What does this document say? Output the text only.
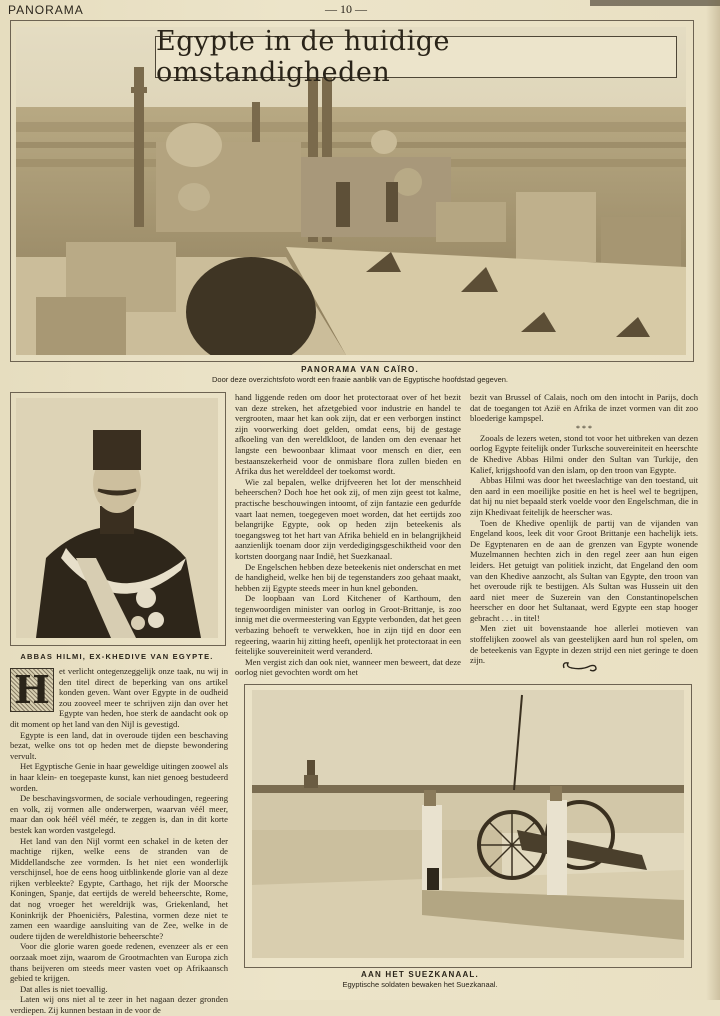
PANORAMA	— 10 —
Egypte in de huidige omstandigheden
PANORAMA VAN CAÏRO.
Door deze overzichtsfoto wordt een fraaie aanblik van de Egyptische hoofdstad gegeven.
ABBAS HILMI, EX-KHEDIVE VAN EGYPTE.

H	et verlicht ontegenzeggelijk onze taak, nu wij in den titel direct de beperking van ons artikel konden geven. Want over Egypte in de oudheid zou zooveel meer te schrijven zijn dan over het Egypte van heden, hoe sterk de aandacht ook op dit moment op het land van den Nijl is gevestigd.

Egypte is een land, dat in overoude tijden een beschaving bezat, welke ons tot op heden met de diepste bewondering vervult.

Het Egyptische Genie in haar geweldige uitingen zoowel als in haar klein- en toegepaste kunst, kan niet genoeg bestudeerd worden.

De beschavingsvormen, de sociale verhoudingen, regeering en volk, zij vormen alle onderwerpen, waarvan véél meer, maar dan ook héél véél méér, te zeggen is, dan in dit korte bestek kan worden vastgelegd.

Het land van den Nijl vormt een schakel in de keten der machtige rijken, welke eens de stranden van de Middellandsche zee vormden. Is het niet een wonderlijk verschijnsel, hoe de eens hoog uitblinkende glorie van al deze rijken verbleekte? Egypte, Carthago, het rijk der Moorsche Koningen, Spanje, dat eertijds de wereld beheerschte, Rome, dat nog vroeger het wereldrijk was, Griekenland, het Koninkrijk der Phoeniciërs, Palestina, vormen deze niet te zamen een waardige aansluiting van de Zee, welke in de oudere tijden de wereldhistorie beheerschte?

Voor die glorie waren goede redenen, evenzeer als er een oorzaak moet zijn, waarom de Grootmachten van Europa zich thans beijveren om steeds meer vasten voet op Afrikaansch gebied te krijgen.

Dat alles is niet toevallig.

Laten wij ons niet al te zeer in het nagaan dezer gronden verdiepen. Zij kunnen bestaan in de voor de

hand liggende reden om door het protectoraat over of het bezit van deze streken, het afzetgebied voor industrie en handel te vergrooten, maar het kan ook zijn, dat er een verborgen instinct zijn voorwerking doet gelden, omdat eens, bij de gestage afkoeling van den wereldkloot, de landen om den evenaar het langste een bewoonbaar klimaat voor mensch en dier, een bestaanszekerheid voor de onmisbare flora zullen bieden en Afrika dus het werelddeel der toekomst wordt.

Wie zal bepalen, welke drijfveeren het lot der menschheid beheerschen? Doch hoe het ook zij, of men zijn geest tot kalme, practische beschouwingen intoomt, of zijn fantazie een gedurfde vaart laat nemen, toegegeven moet worden, dat het eertijds zoo belangrijke Egypte, ook op heden zijn beteekenis als toegangsweg tot het hart van Afrika behield en in belangrijkheid aanzienlijk toenam door zijn verdedigingsgeschiktheid voor den kortsten doorgang naar Indië, het Suezkanaal.

De Engelschen hebben deze beteekenis niet onderschat en met de handigheid, welke hen bij de tegenstanders zoo gehaat maakt, hebben zij Egypte steeds meer in hun knel gebonden.

De loopbaan van Lord Kitchener of Karthoum, den tegenwoordigen minister van oorlog in Groot-Brittanje, is zoo innig met die overmeestering van Egypte verbonden, dat het geen verbazing behoeft te verwekken, hoe in zijn tijd en door een regeering, waarin hij zitting heeft, openlijk het protectoraat in een feitelijke souvereiniteit werd veranderd.

Men vergist zich dan ook niet, wanneer men beweert, dat deze oorlog niet gevochten wordt om het

bezit van Brussel of Calais, noch om den intocht in Parijs, doch dat de toegangen tot Azië en Afrika de inzet vormen van dit zoo bloederige kampspel.

* * *

Zooals de lezers weten, stond tot voor het uitbreken van dezen oorlog Egypte feitelijk onder Turksche souvereiniteit en heerschte de Khedive Abbas Hilmi onder den Sultan van Turkije, den Kalief, krijgshoofd van den islam, op den troon van Egypte.

Abbas Hilmi was door het tweeslachtige van den toestand, uit den aard in een moeilijke positie en het is heel wel te begrijpen, dat hij nu niet bepaald sterk voelde voor den Engelschman, die in zijn Khedivaat feitelijk de heerscher was.

Toen de Khedive openlijk de partij van de vijanden van Engeland koos, leek dit voor Groot Brittanje een hachelijk iets. De Egyptenaren en de aan de grenzen van Egypte wonende Muzelmannen hechten zich in den regel zeer aan hun eigen leiders. Het getuigt van politiek inzicht, dat Engeland den oom van den Khedive aanzocht, als Sultan van Egypte, den troon van het overoude rijk te bestijgen. Als Sultan was Hussein uit den aard niet meer de Suzerein van den Constantinopelschen heerscher en door het Sultanaat, werd Egypte een stap hooger gebracht . . . in titel!

Men ziet uit bovenstaande hoe allerlei motieven van stoffelijken zoowel als van geestelijken aard hun rol spelen, om de beteekenis van Egypte in dezen strijd een niet geringe te doen zijn.

AAN HET SUEZKANAAL.
Egyptische soldaten bewaken het Suezkanaal.
